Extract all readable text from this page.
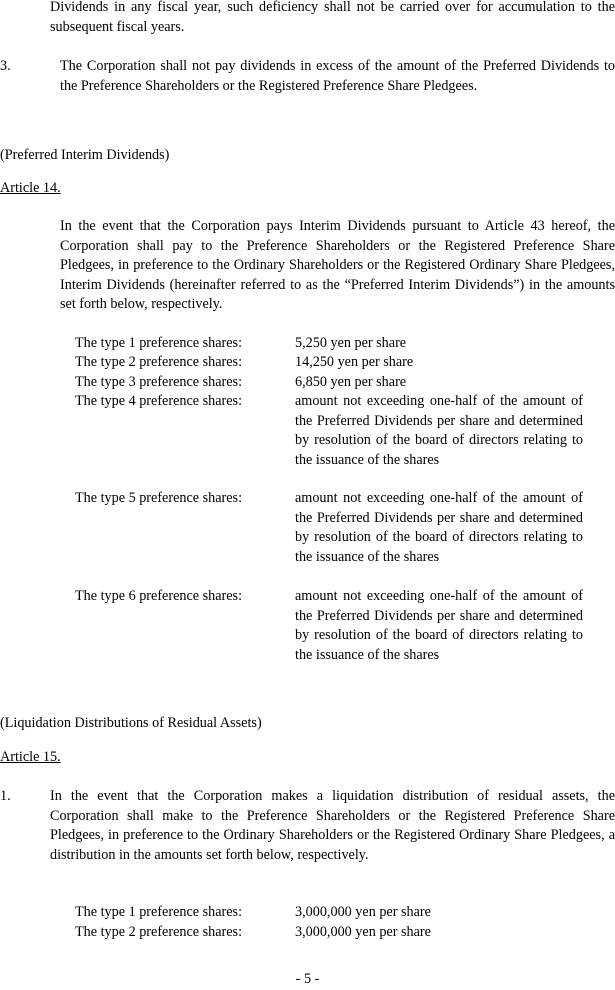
Dividends in any fiscal year, such deficiency shall not be carried over for accumulation to the subsequent fiscal years.
3.	The Corporation shall not pay dividends in excess of the amount of the Preferred Dividends to the Preference Shareholders or the Registered Preference Share Pledgees.
(Preferred Interim Dividends)
Article 14.
In the event that the Corporation pays Interim Dividends pursuant to Article 43 hereof, the Corporation shall pay to the Preference Shareholders or the Registered Preference Share Pledgees, in preference to the Ordinary Shareholders or the Registered Ordinary Share Pledgees, Interim Dividends (hereinafter referred to as the “Preferred Interim Dividends”) in the amounts set forth below, respectively.
The type 1 preference shares:	5,250 yen per share
The type 2 preference shares:	14,250 yen per share
The type 3 preference shares:	6,850 yen per share
The type 4 preference shares:	amount not exceeding one-half of the amount of the Preferred Dividends per share and determined by resolution of the board of directors relating to the issuance of the shares
The type 5 preference shares:	amount not exceeding one-half of the amount of the Preferred Dividends per share and determined by resolution of the board of directors relating to the issuance of the shares
The type 6 preference shares:	amount not exceeding one-half of the amount of the Preferred Dividends per share and determined by resolution of the board of directors relating to the issuance of the shares
(Liquidation Distributions of Residual Assets)
Article 15.
1.	In the event that the Corporation makes a liquidation distribution of residual assets, the Corporation shall make to the Preference Shareholders or the Registered Preference Share Pledgees, in preference to the Ordinary Shareholders or the Registered Ordinary Share Pledgees, a distribution in the amounts set forth below, respectively.
The type 1 preference shares:	3,000,000 yen per share
The type 2 preference shares:	3,000,000 yen per share
- 5 -
